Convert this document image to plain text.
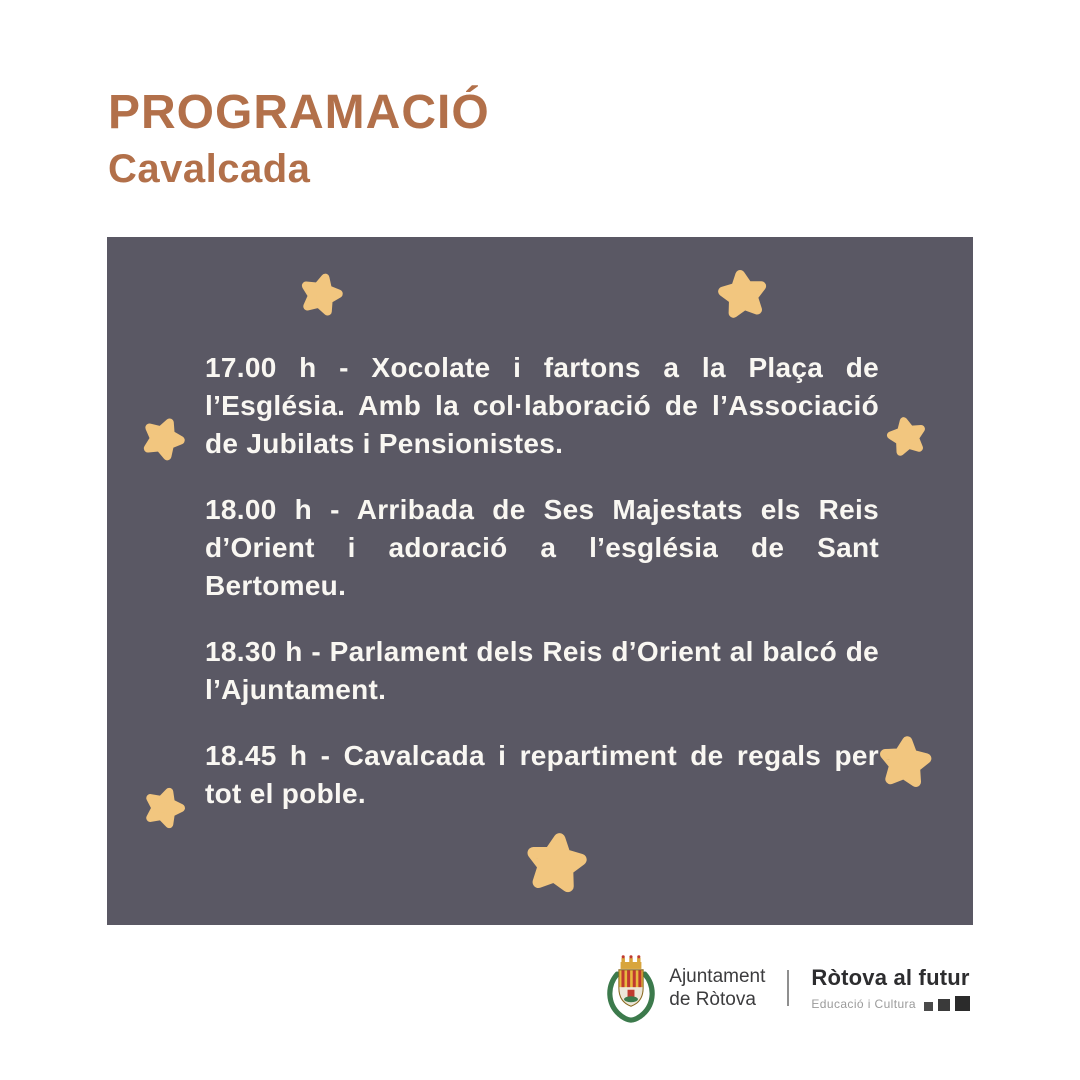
PROGRAMACIÓ
Cavalcada

17.00 h - Xocolate i fartons a la Plaça de l’Església. Amb la col·laboració de l’Associació de Jubilats i Pensionistes.

18.00 h - Arribada de Ses Majestats els Reis d’Orient i adoració a l’església de Sant Bertomeu.

18.30 h - Parlament dels Reis d’Orient al balcó de l’Ajuntament.

18.45 h - Cavalcada i repartiment de regals per tot el poble.

Ajuntament
de Ròtova
Ròtova al futur
Educació i Cultura
